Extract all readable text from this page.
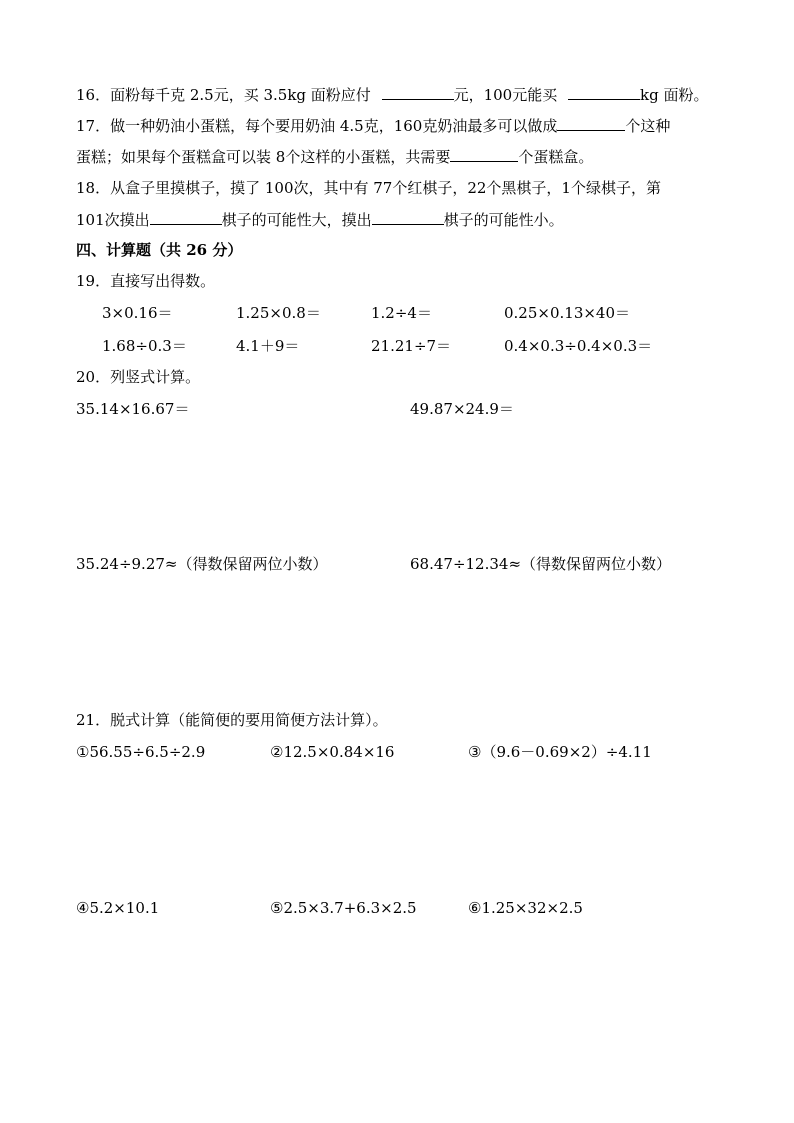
16．面粉每千克 2.5元，买 3.5kg 面粉应付	元，100元能买	kg 面粉。
17．做一种奶油小蛋糕，每个要用奶油 4.5克，160克奶油最多可以做成	个这种
蛋糕；如果每个蛋糕盒可以装 8个这样的小蛋糕，共需要	个蛋糕盒。
18．从盒子里摸棋子，摸了 100次，其中有 77个红棋子，22个黑棋子，1个绿棋子，第
101次摸出	棋子的可能性大，摸出	棋子的可能性小。
四、计算题（共 26 分）
19．直接写出得数。
3×0.16＝	1.25×0.8＝	1.2÷4＝	0.25×0.13×40＝
1.68÷0.3＝	4.1＋9＝	21.21÷7＝	0.4×0.3÷0.4×0.3＝
20．列竖式计算。
35.14×16.67＝	49.87×24.9＝
35.24÷9.27≈（得数保留两位小数）	68.47÷12.34≈（得数保留两位小数）
21．脱式计算（能简便的要用简便方法计算）。
①56.55÷6.5÷2.9	②12.5×0.84×16	③（9.6－0.69×2）÷4.11
④5.2×10.1	⑤2.5×3.7+6.3×2.5	⑥1.25×32×2.5
